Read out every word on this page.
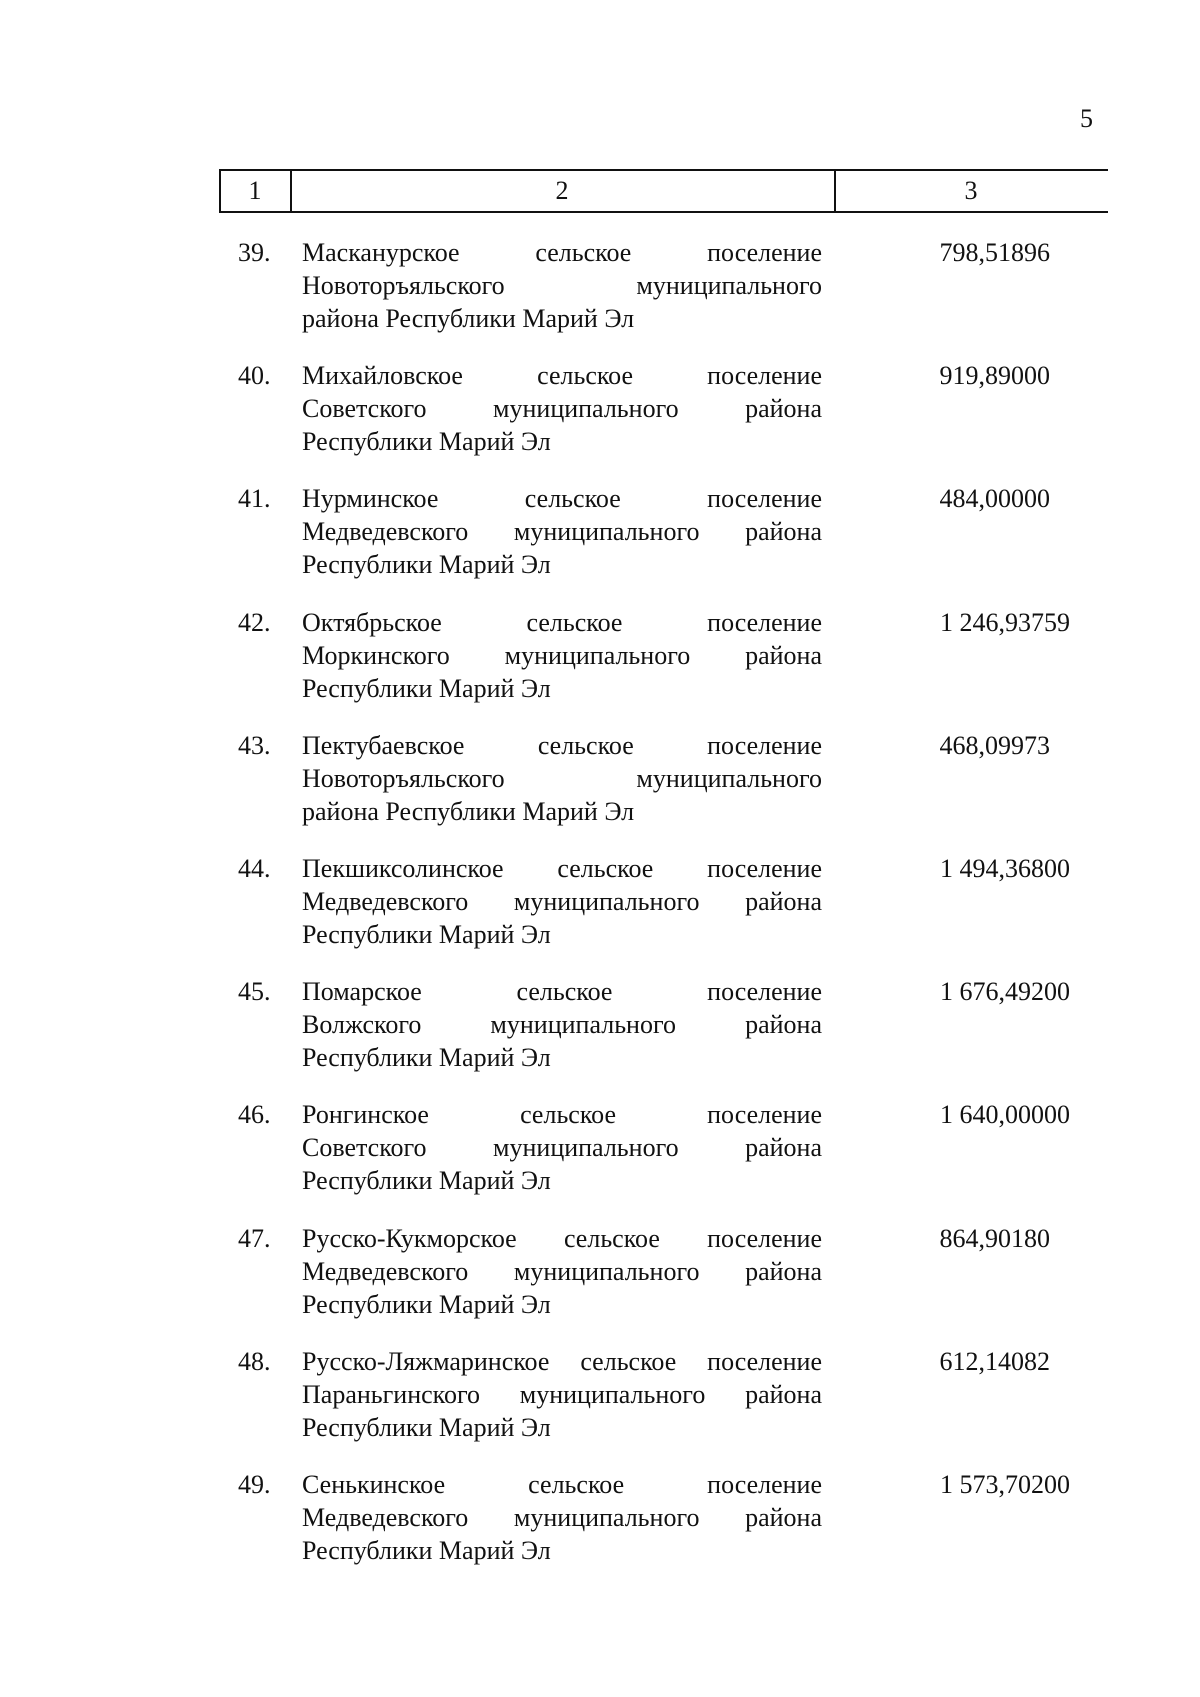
5
1	2	3
39. Масканурское сельское поселение
Новоторъяльского муниципального
района Республики Марий Эл
798,51896
40. Михайловское сельское поселение
Советского муниципального района
Республики Марий Эл
919,89000
41. Нурминское сельское поселение
Медведевского муниципального района
Республики Марий Эл
484,00000
42. Октябрьское сельское поселение
Моркинского муниципального района
Республики Марий Эл
1 246,93759
43. Пектубаевское сельское поселение
Новоторъяльского муниципального
района Республики Марий Эл
468,09973
44. Пекшиксолинское сельское поселение
Медведевского муниципального района
Республики Марий Эл
1 494,36800
45. Помарское сельское поселение
Волжского муниципального района
Республики Марий Эл
1 676,49200
46. Ронгинское сельское поселение
Советского муниципального района
Республики Марий Эл
1 640,00000
47. Русско-Кукморское сельское поселение
Медведевского муниципального района
Республики Марий Эл
864,90180
48. Русско-Ляжмаринское сельское поселение
Параньгинского муниципального района
Республики Марий Эл
612,14082
49. Сенькинское сельское поселение
Медведевского муниципального района
Республики Марий Эл
1 573,70200
